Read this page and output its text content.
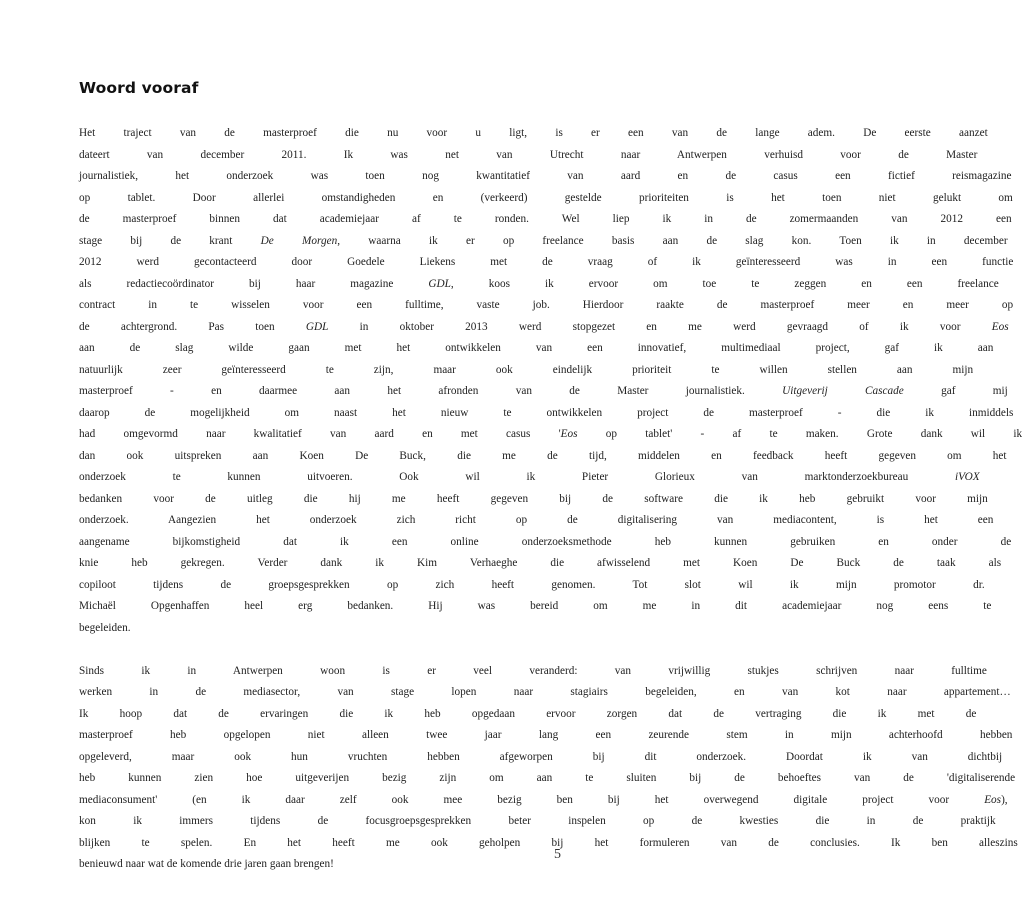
Woord vooraf
Het traject van de masterproef die nu voor u ligt, is er een van de lange adem. De eerste aanzet
dateert van december 2011. Ik was net van Utrecht naar Antwerpen verhuisd voor de Master
journalistiek, het onderzoek was toen nog kwantitatief van aard en de casus een fictief reismagazine
op tablet. Door allerlei omstandigheden en (verkeerd) gestelde prioriteiten is het toen niet gelukt om
de masterproef binnen dat academiejaar af te ronden. Wel liep ik in de zomermaanden van 2012 een
stage bij de krant De Morgen, waarna ik er op freelance basis aan de slag kon. Toen ik in december
2012 werd gecontacteerd door Goedele Liekens met de vraag of ik geïnteresseerd was in een functie
als redactiecoördinator bij haar magazine GDL, koos ik ervoor om toe te zeggen en een freelance
contract in te wisselen voor een fulltime, vaste job. Hierdoor raakte de masterproef meer en meer op
de achtergrond. Pas toen GDL in oktober 2013 werd stopgezet en me werd gevraagd of ik voor Eos
aan de slag wilde gaan met het ontwikkelen van een innovatief, multimediaal project, gaf ik aan
natuurlijk zeer geïnteresseerd te zijn, maar ook eindelijk prioriteit te willen stellen aan mijn
masterproef - en daarmee aan het afronden van de Master journalistiek. Uitgeverij Cascade gaf mij
daarop de mogelijkheid om naast het nieuw te ontwikkelen project de masterproef - die ik inmiddels
had omgevormd naar kwalitatief van aard en met casus 'Eos op tablet' - af te maken. Grote dank wil ik
dan ook uitspreken aan Koen De Buck, die me de tijd, middelen en feedback heeft gegeven om het
onderzoek te kunnen uitvoeren. Ook wil ik Pieter Glorieux van marktonderzoekbureau iVOX
bedanken voor de uitleg die hij me heeft gegeven bij de software die ik heb gebruikt voor mijn
onderzoek. Aangezien het onderzoek zich richt op de digitalisering van mediacontent, is het een
aangename bijkomstigheid dat ik een online onderzoeksmethode heb kunnen gebruiken en onder de
knie heb gekregen. Verder dank ik Kim Verhaeghe die afwisselend met Koen De Buck de taak als
copiloot tijdens de groepsgesprekken op zich heeft genomen. Tot slot wil ik mijn promotor dr.
Michaël Opgenhaffen heel erg bedanken. Hij was bereid om me in dit academiejaar nog eens te
begeleiden.
Sinds ik in Antwerpen woon is er veel veranderd: van vrijwillig stukjes schrijven naar fulltime
werken in de mediasector, van stage lopen naar stagiairs begeleiden, en van kot naar appartement…
Ik hoop dat de ervaringen die ik heb opgedaan ervoor zorgen dat de vertraging die ik met de
masterproef heb opgelopen niet alleen twee jaar lang een zeurende stem in mijn achterhoofd hebben
opgeleverd, maar ook hun vruchten hebben afgeworpen bij dit onderzoek. Doordat ik van dichtbij
heb kunnen zien hoe uitgeverijen bezig zijn om aan te sluiten bij de behoeftes van de 'digitaliserende
mediaconsument' (en ik daar zelf ook mee bezig ben bij het overwegend digitale project voor Eos),
kon ik immers tijdens de focusgroepsgesprekken beter inspelen op de kwesties die in de praktijk
blijken te spelen. En het heeft me ook geholpen bij het formuleren van de conclusies. Ik ben alleszins
benieuwd naar wat de komende drie jaren gaan brengen!
5
